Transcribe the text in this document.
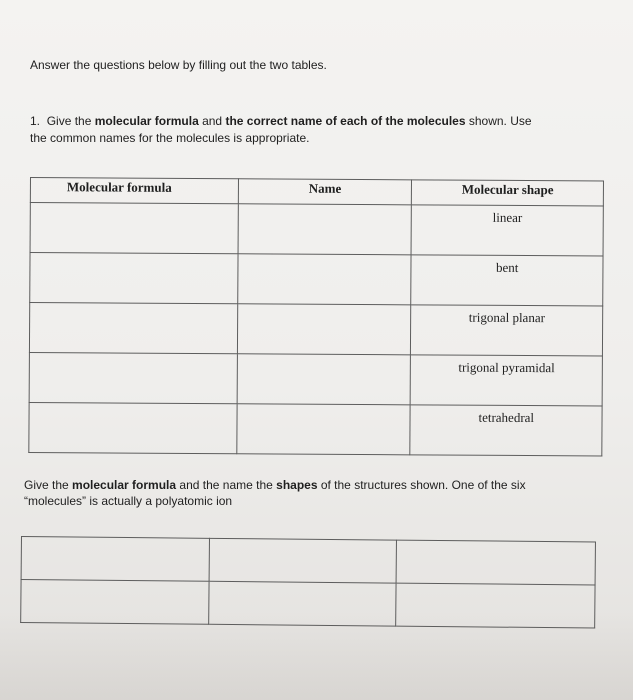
Answer the questions below by filling out the two tables.
1. Give the molecular formula and the correct name of each of the molecules shown. Use
the common names for the molecules is appropriate.
Molecular formula	Name	Molecular shape
		linear
		bent
		trigonal planar
		trigonal pyramidal
		tetrahedral
Give the molecular formula and the name the shapes of the structures shown. One of the six
“molecules” is actually a polyatomic ion
